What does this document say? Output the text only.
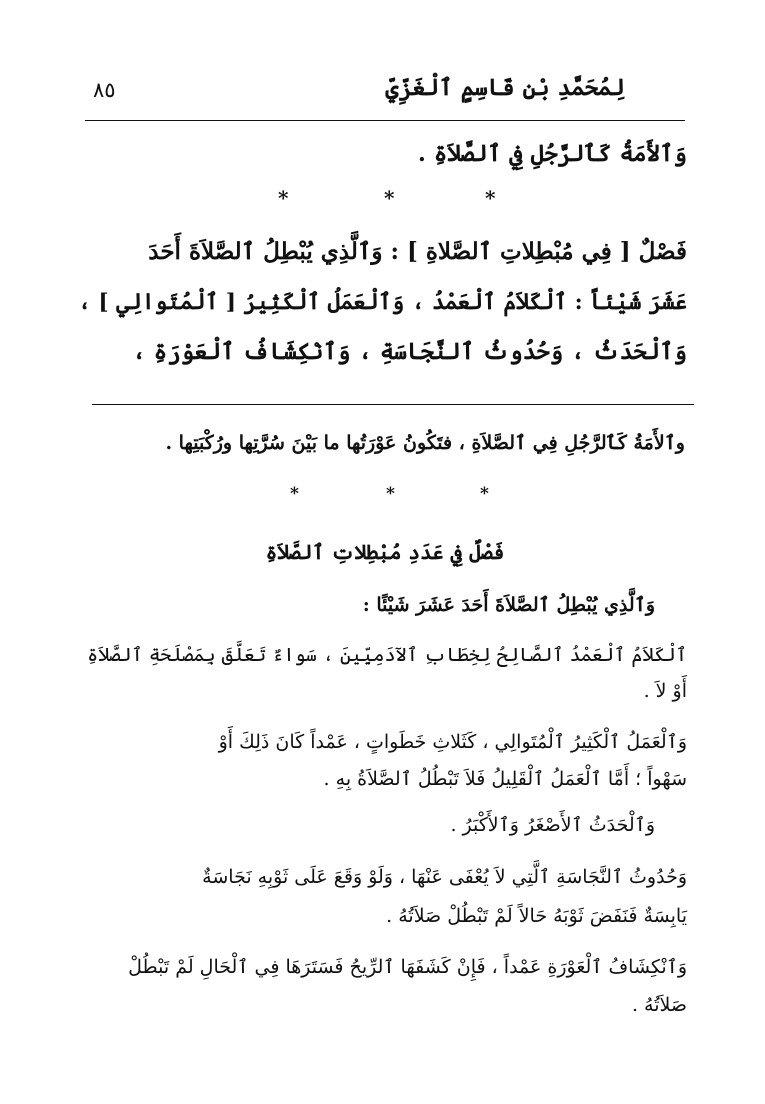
٨٥	لِمُحَمَّدِ بْنِ قَاسِمٍ ٱلْغَزِّيِّ
وَٱلأَمَةُ كَٱلرَّجُلِ فِي ٱلصَّلاَةِ .
*	*	*
فَصْلٌ [ فِي مُبْطِلاتِ ٱلصَّلاةِ ] : وَٱلَّذِي يُبْطِلُ ٱلصَّلاَةَ أَحَدَ
عَشَرَ شَيْئاً : ٱلْكَلاَمُ ٱلْعَمْدُ ، وَٱلْعَمَلُ ٱلْكَثِيرُ [ ٱلْمُتَوالِي ] ،
وَٱلْحَدَثُ ، وَحُدُوثُ ٱلنَّجَاسَةِ ، وَٱنْكِشَافُ ٱلْعَوْرَةِ ،
وٱلأَمَةُ كَٱلرَّجُلِ فِي ٱلصَّلاَةِ ، فتَكُونُ عَوْرَتُها ما بَيْنَ سُرَّتِها ورُكْبَتِها .
*	*	*
فَصْلٌ فِي عَدَدِ مُبْطِلاتِ ٱلصَّلاَةِ
وَٱلَّذِي يُبْطِلُ ٱلصَّلاَةَ أَحَدَ عَشَرَ شَيْئًا :
ٱلْكَلاَمُ ٱلْعَمْدُ ٱلصَّالِحُ لِخِطَابِ ٱلآدَمِيِّينَ ، سَواءٌ تَعَلَّقَ بِمَصْلَحَةِ ٱلصَّلاَةِ
أَوْ لاَ .
وَٱلْعَمَلُ ٱلْكَثِيرُ ٱلْمُتَوالِي ، كَثَلاثِ خَطَواتٍ ، عَمْداً كَانَ ذَلِكَ أَوْ
سَهْواً ؛ أَمَّا ٱلْعَمَلُ ٱلْقَلِيلُ فَلاَ تَبْطُلُ ٱلصَّلاَةُ بِهِ .
وَٱلْحَدَثُ ٱلأَصْغَرُ وَٱلأَكْبَرُ .
وَحُدُوثُ ٱلنَّجَاسَةِ ٱلَّتِي لاَ يُعْفَى عَنْهَا ، وَلَوْ وَقَعَ عَلَى ثَوْبِهِ نَجَاسَةٌ
يَابِسَةٌ فَنَفَضَ ثَوْبَهُ حَالاً لَمْ تَبْطُلْ صَلاَتُهُ .
وَٱنْكِشَافُ ٱلْعَوْرَةِ عَمْداً ، فَإِنْ كَشَفَهَا ٱلرِّيحُ فَسَتَرَهَا فِي ٱلْحَالِ لَمْ تَبْطُلْ
صَلاَتُهُ .
